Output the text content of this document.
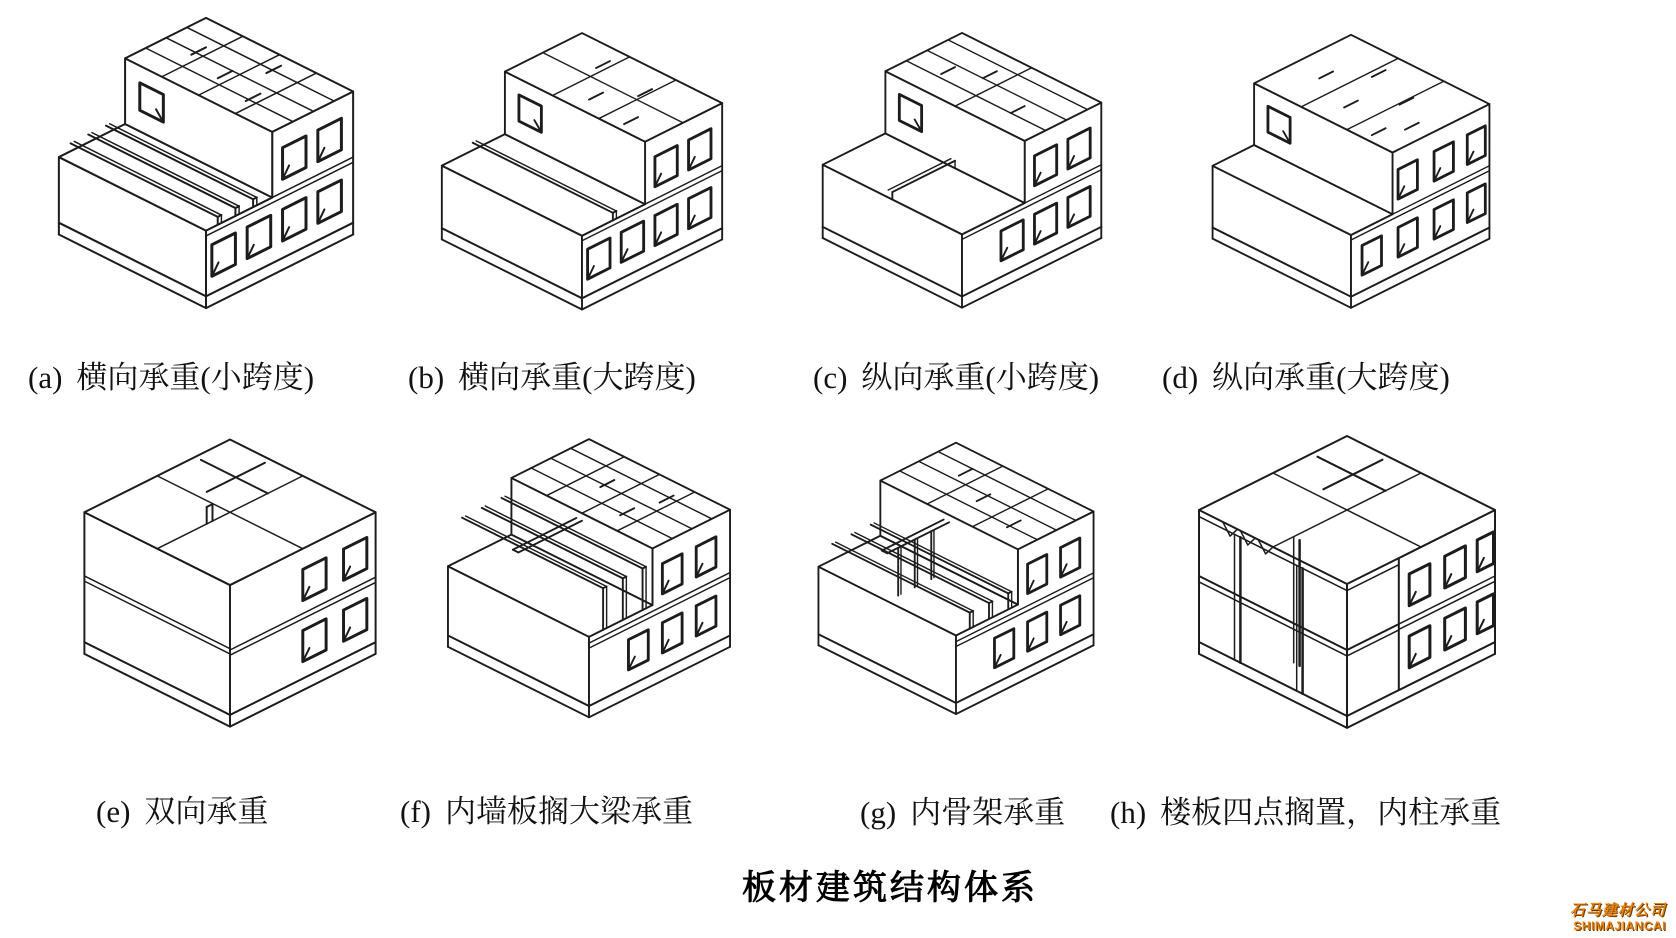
(a) 横向承重(小跨度)	(b) 横向承重(大跨度)	(c) 纵向承重(小跨度) (d) 纵向承重(大跨度)
(e) 双向承重	(f) 内墙板搁大梁承重	(g) 内骨架承重 (h) 楼板四点搁置，内柱承重
板材建筑结构体系
石马建材公司
SHIMAJIANCAI
